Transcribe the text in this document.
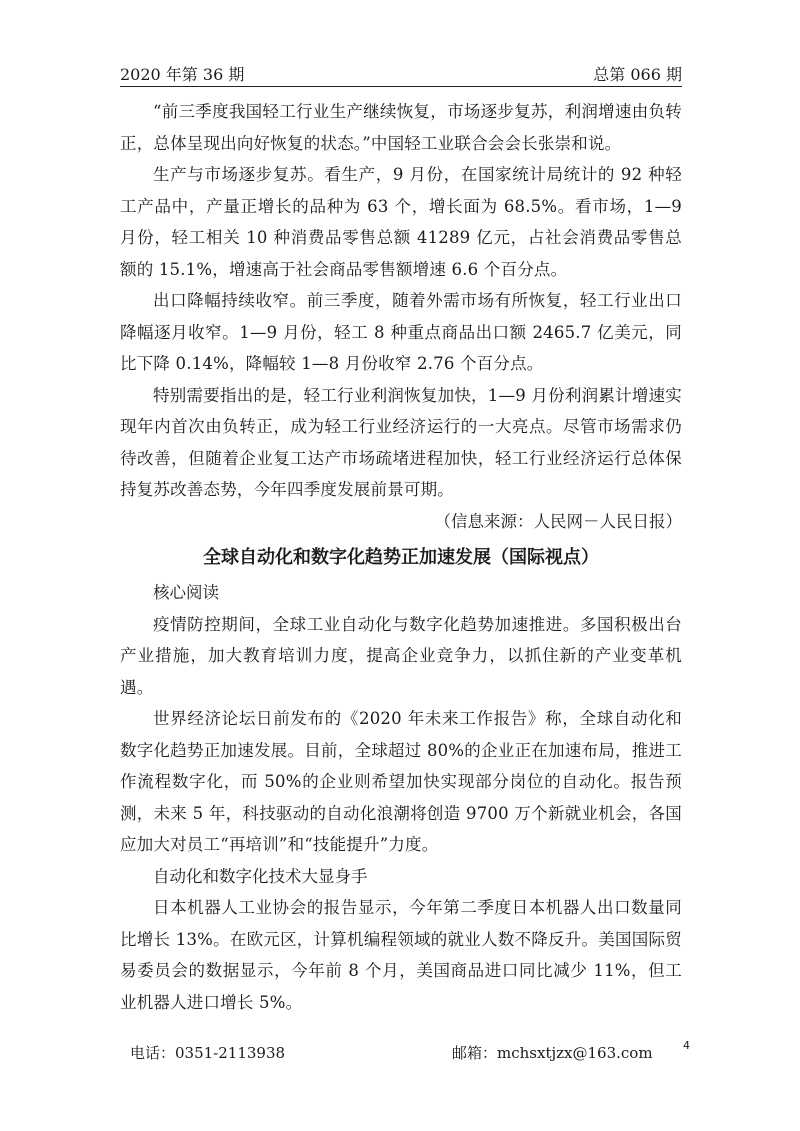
2020 年第 36 期	总第 066 期

“前三季度我国轻工行业生产继续恢复，市场逐步复苏，利润增速由负转正，总体呈现出向好恢复的状态。”中国轻工业联合会会长张崇和说。

生产与市场逐步复苏。看生产，9 月份，在国家统计局统计的 92 种轻工产品中，产量正增长的品种为 63 个，增长面为 68.5%。看市场，1—9 月份，轻工相关 10 种消费品零售总额 41289 亿元，占社会消费品零售总额的 15.1%，增速高于社会商品零售额增速 6.6 个百分点。

出口降幅持续收窄。前三季度，随着外需市场有所恢复，轻工行业出口降幅逐月收窄。1—9 月份，轻工 8 种重点商品出口额 2465.7 亿美元，同比下降 0.14%，降幅较 1—8 月份收窄 2.76 个百分点。

特别需要指出的是，轻工行业利润恢复加快，1—9 月份利润累计增速实现年内首次由负转正，成为轻工行业经济运行的一大亮点。尽管市场需求仍待改善，但随着企业复工达产市场疏堵进程加快，轻工行业经济运行总体保持复苏改善态势，今年四季度发展前景可期。

（信息来源：人民网－人民日报）

全球自动化和数字化趋势正加速发展（国际视点）

核心阅读

疫情防控期间，全球工业自动化与数字化趋势加速推进。多国积极出台产业措施，加大教育培训力度，提高企业竞争力，以抓住新的产业变革机遇。

世界经济论坛日前发布的《2020 年未来工作报告》称，全球自动化和数字化趋势正加速发展。目前，全球超过 80%的企业正在加速布局，推进工作流程数字化，而 50%的企业则希望加快实现部分岗位的自动化。报告预测，未来 5 年，科技驱动的自动化浪潮将创造 9700 万个新就业机会，各国应加大对员工“再培训”和“技能提升”力度。

自动化和数字化技术大显身手

日本机器人工业协会的报告显示，今年第二季度日本机器人出口数量同比增长 13%。在欧元区，计算机编程领域的就业人数不降反升。美国国际贸易委员会的数据显示，今年前 8 个月，美国商品进口同比减少 11%，但工业机器人进口增长 5%。

电话：0351-2113938	邮箱：mchsxtjzx@163.com	4
